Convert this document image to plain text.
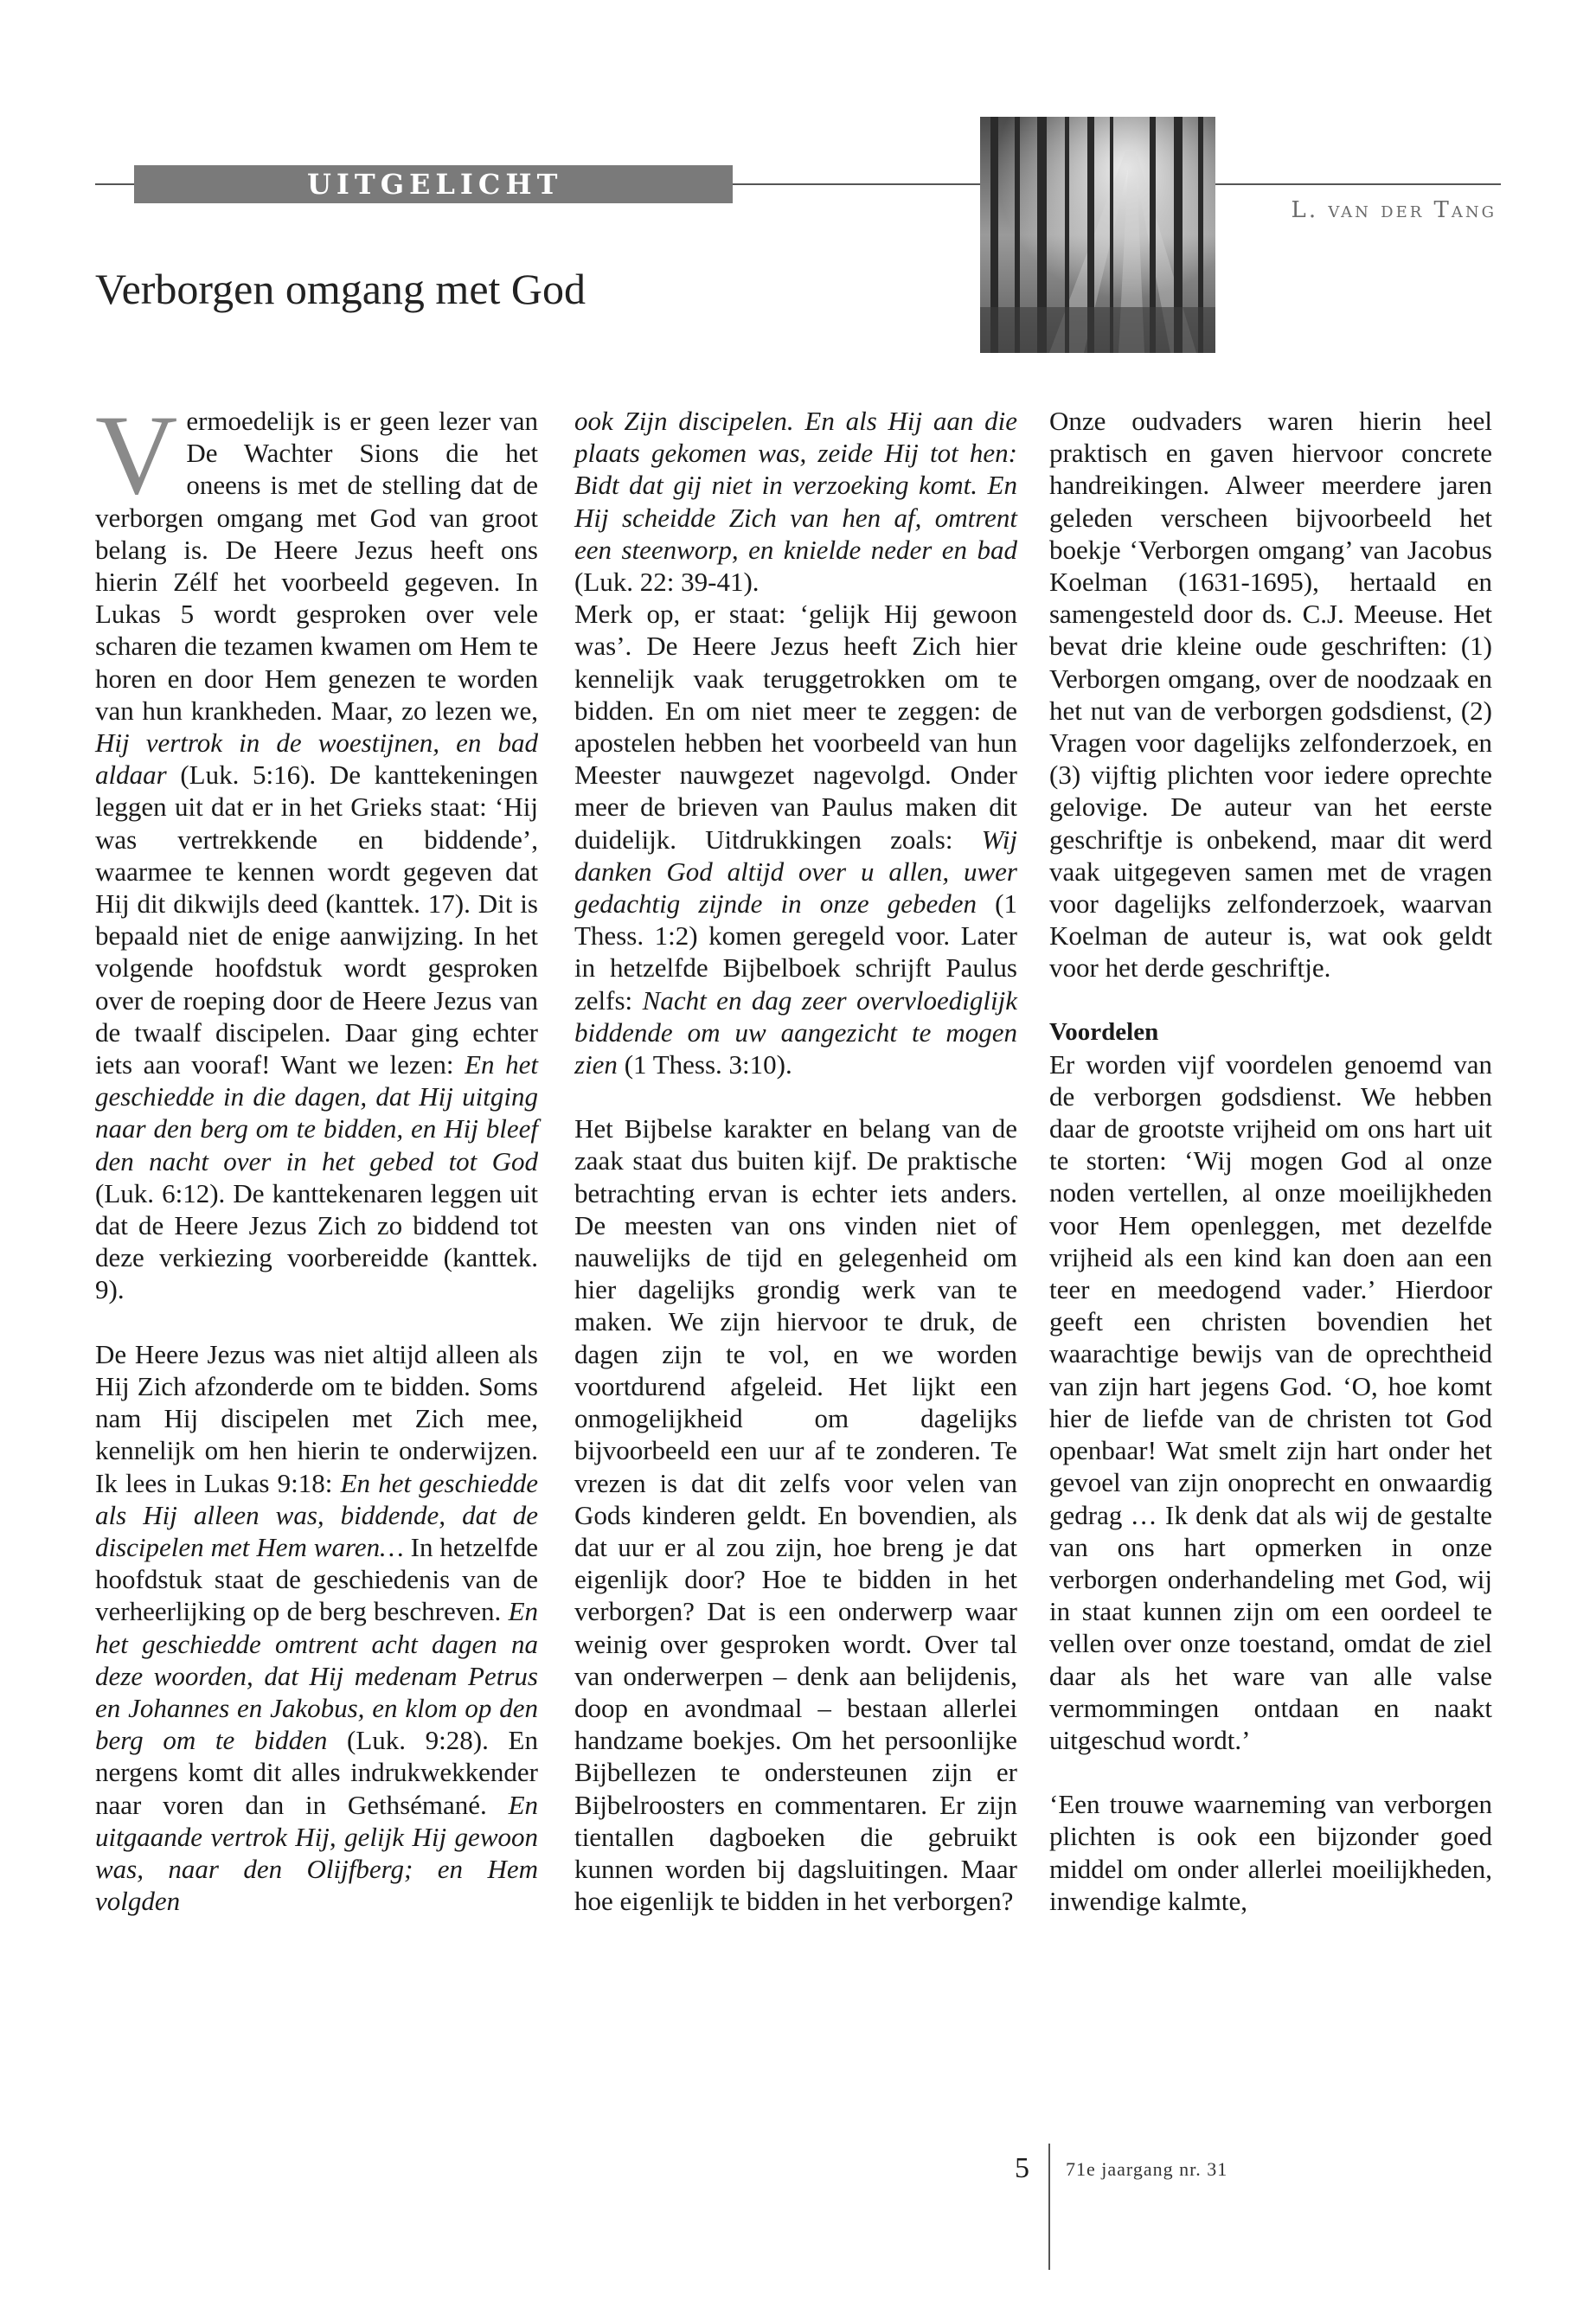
UITGELICHT
L. van der Tang
Verborgen omgang met God

Vermoedelijk is er geen lezer van De Wachter Sions die het oneens is met de stelling dat de verborgen omgang met God van groot belang is. De Heere Jezus heeft ons hierin Zélf het voorbeeld gegeven. In Lukas 5 wordt gesproken over vele scharen die tezamen kwamen om Hem te horen en door Hem genezen te worden van hun krankheden. Maar, zo lezen we, Hij vertrok in de woestijnen, en bad aldaar (Luk. 5:16). De kanttekeningen leggen uit dat er in het Grieks staat: ‘Hij was vertrekkende en biddende’, waarmee te kennen wordt gegeven dat Hij dit dikwijls deed (kanttek. 17). Dit is bepaald niet de enige aanwijzing. In het volgende hoofdstuk wordt gesproken over de roeping door de Heere Jezus van de twaalf discipelen. Daar ging echter iets aan vooraf! Want we lezen: En het geschiedde in die dagen, dat Hij uitging naar den berg om te bidden, en Hij bleef den nacht over in het gebed tot God (Luk. 6:12). De kanttekenaren leggen uit dat de Heere Jezus Zich zo biddend tot deze verkiezing voorbereidde (kanttek. 9).

De Heere Jezus was niet altijd alleen als Hij Zich afzonderde om te bidden. Soms nam Hij discipelen met Zich mee, kennelijk om hen hierin te onderwijzen. Ik lees in Lukas 9:18: En het geschiedde als Hij alleen was, biddende, dat de discipelen met Hem waren… In hetzelfde hoofdstuk staat de geschiedenis van de verheerlijking op de berg beschreven. En het geschiedde omtrent acht dagen na deze woorden, dat Hij medenam Petrus en Johannes en Jakobus, en klom op den berg om te bidden (Luk. 9:28). En nergens komt dit alles indrukwekkender naar voren dan in Gethsémané. En uitgaande vertrok Hij, gelijk Hij gewoon was, naar den Olijfberg; en Hem volgden

ook Zijn discipelen. En als Hij aan die plaats gekomen was, zeide Hij tot hen: Bidt dat gij niet in verzoeking komt. En Hij scheidde Zich van hen af, omtrent een steenworp, en knielde neder en bad (Luk. 22: 39-41).

Merk op, er staat: ‘gelijk Hij gewoon was’. De Heere Jezus heeft Zich hier kennelijk vaak teruggetrokken om te bidden. En om niet meer te zeggen: de apostelen hebben het voorbeeld van hun Meester nauwgezet nagevolgd. Onder meer de brieven van Paulus maken dit duidelijk. Uitdrukkingen zoals: Wij danken God altijd over u allen, uwer gedachtig zijnde in onze gebeden (1 Thess. 1:2) komen geregeld voor. Later in hetzelfde Bijbelboek schrijft Paulus zelfs: Nacht en dag zeer overvloediglijk biddende om uw aangezicht te mogen zien (1 Thess. 3:10).

Het Bijbelse karakter en belang van de zaak staat dus buiten kijf. De praktische betrachting ervan is echter iets anders. De meesten van ons vinden niet of nauwelijks de tijd en gelegenheid om hier dagelijks grondig werk van te maken. We zijn hiervoor te druk, de dagen zijn te vol, en we worden voortdurend afgeleid. Het lijkt een onmogelijkheid om dagelijks bijvoorbeeld een uur af te zonderen. Te vrezen is dat dit zelfs voor velen van Gods kinderen geldt. En bovendien, als dat uur er al zou zijn, hoe breng je dat eigenlijk door? Hoe te bidden in het verborgen? Dat is een onderwerp waar weinig over gesproken wordt. Over tal van onderwerpen – denk aan belijdenis, doop en avondmaal – bestaan allerlei handzame boekjes. Om het persoonlijke Bijbellezen te ondersteunen zijn er Bijbelroosters en commentaren. Er zijn tientallen dagboeken die gebruikt kunnen worden bij dagsluitingen. Maar hoe eigenlijk te bidden in het verborgen?

Onze oudvaders waren hierin heel praktisch en gaven hiervoor concrete handreikingen. Alweer meerdere jaren geleden verscheen bijvoorbeeld het boekje ‘Verborgen omgang’ van Jacobus Koelman (1631-1695), hertaald en samengesteld door ds. C.J. Meeuse. Het bevat drie kleine oude geschriften: (1) Verborgen omgang, over de noodzaak en het nut van de verborgen godsdienst, (2) Vragen voor dagelijks zelfonderzoek, en (3) vijftig plichten voor iedere oprechte gelovige. De auteur van het eerste geschriftje is onbekend, maar dit werd vaak uitgegeven samen met de vragen voor dagelijks zelfonderzoek, waarvan Koelman de auteur is, wat ook geldt voor het derde geschriftje.

Voordelen

Er worden vijf voordelen genoemd van de verborgen godsdienst. We hebben daar de grootste vrijheid om ons hart uit te storten: ‘Wij mogen God al onze noden vertellen, al onze moeilijkheden voor Hem openleggen, met dezelfde vrijheid als een kind kan doen aan een teer en meedogend vader.’ Hierdoor geeft een christen bovendien het waarachtige bewijs van de oprechtheid van zijn hart jegens God. ‘O, hoe komt hier de liefde van de christen tot God openbaar! Wat smelt zijn hart onder het gevoel van zijn onoprecht en onwaardig gedrag … Ik denk dat als wij de gestalte van ons hart opmerken in onze verborgen onderhandeling met God, wij in staat kunnen zijn om een oordeel te vellen over onze toestand, omdat de ziel daar als het ware van alle valse vermommingen ontdaan en naakt uitgeschud wordt.’

‘Een trouwe waarneming van verborgen plichten is ook een bijzonder goed middel om onder allerlei moeilijkheden, inwendige kalmte,

5 71e jaargang nr. 31
